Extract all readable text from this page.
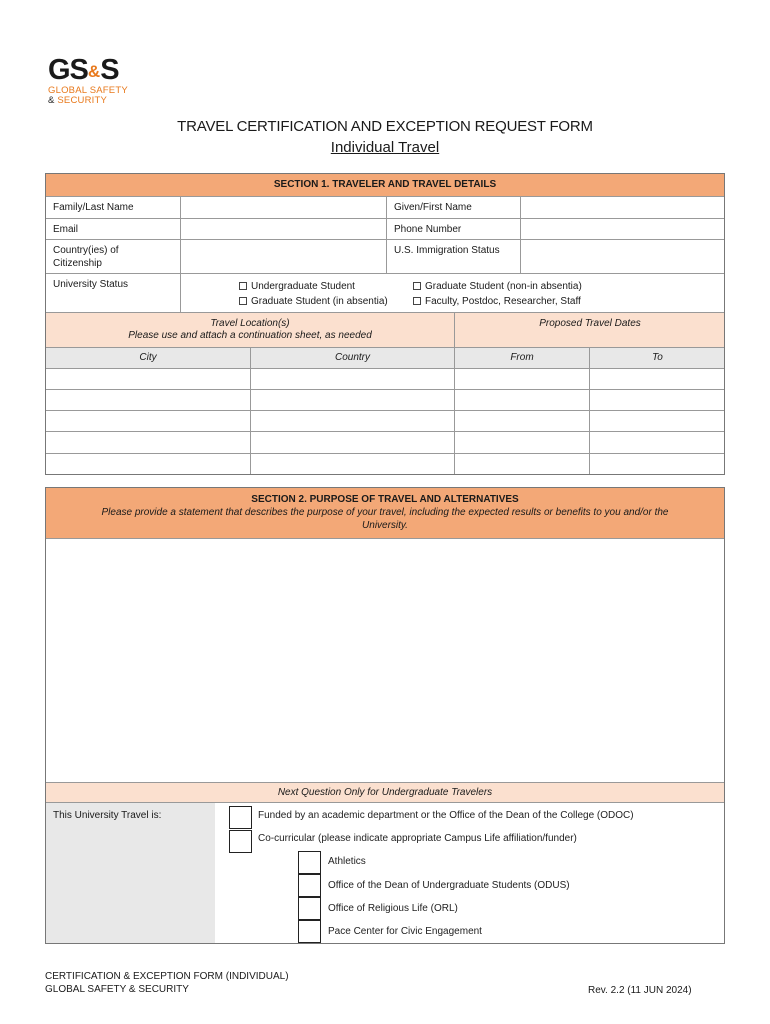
GS&S
GLOBAL SAFETY
& SECURITY
TRAVEL CERTIFICATION AND EXCEPTION REQUEST FORM
Individual Travel
SECTION 1. TRAVELER AND TRAVEL DETAILS
Family/Last Name	Given/First Name
Email	Phone Number
Country(ies) of
Citizenship
U.S. Immigration Status
University Status	Undergraduate Student	Graduate Student (non-in absentia)
Graduate Student (in absentia)	Faculty, Postdoc, Researcher, Staff
Travel Location(s)
Please use and attach a continuation sheet, as needed
Proposed Travel Dates
City	Country	From	To
SECTION 2. PURPOSE OF TRAVEL AND ALTERNATIVES
Please provide a statement that describes the purpose of your travel, including the expected results or benefits to you and/or the
University.
Next Question Only for Undergraduate Travelers
This University Travel is:	Funded by an academic department or the Office of the Dean of the College (ODOC)
Co-curricular (please indicate appropriate Campus Life affiliation/funder)
Athletics
Office of the Dean of Undergraduate Students (ODUS)
Office of Religious Life (ORL)
Pace Center for Civic Engagement
CERTIFICATION & EXCEPTION FORM (INDIVIDUAL)
GLOBAL SAFETY & SECURITY	Rev. 2.2 (11 JUN 2024)
